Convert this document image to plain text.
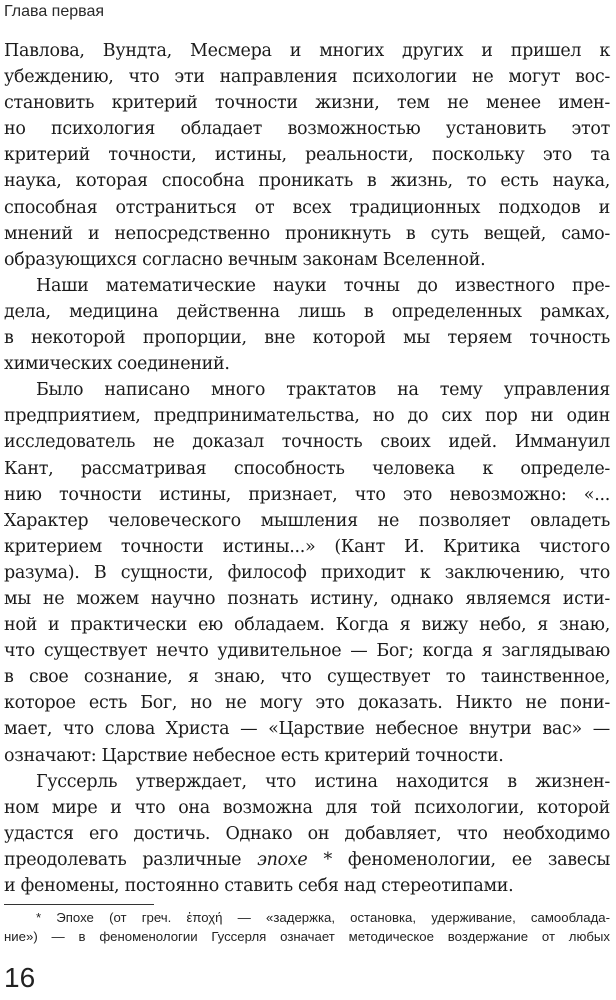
Глава первая
Павлова, Вундта, Месмера и многих других и пришел к
убеждению, что эти направления психологии не могут вос-
становить критерий точности жизни, тем не менее имен-
но психология обладает возможностью установить этот
критерий точности, истины, реальности, поскольку это та
наука, которая способна проникать в жизнь, то есть наука,
способная отстраниться от всех традиционных подходов и
мнений и непосредственно проникнуть в суть вещей, само-
образующихся согласно вечным законам Вселенной.
Наши математические науки точны до известного пре-
дела, медицина действенна лишь в определенных рамках,
в некоторой пропорции, вне которой мы теряем точность
химических соединений.
Было написано много трактатов на тему управления
предприятием, предпринимательства, но до сих пор ни один
исследователь не доказал точность своих идей. Иммануил
Кант, рассматривая способность человека к определе-
нию точности истины, признает, что это невозможно: «...
Характер человеческого мышления не позволяет овладеть
критерием точности истины...» (Кант И. Критика чистого
разума). В сущности, философ приходит к заключению, что
мы не можем научно познать истину, однако являемся исти-
ной и практически ею обладаем. Когда я вижу небо, я знаю,
что существует нечто удивительное — Бог; когда я заглядываю
в свое сознание, я знаю, что существует то таинственное,
которое есть Бог, но не могу это доказать. Никто не пони-
мает, что слова Христа — «Царствие небесное внутри вас» —
означают: Царствие небесное есть критерий точности.
Гуссерль утверждает, что истина находится в жизнен-
ном мире и что она возможна для той психологии, которой
удастся его достичь. Однако он добавляет, что необходимо
преодолевать различные эпохе * феноменологии, ее завесы
и феномены, постоянно ставить себя над стереотипами.
* Эпохе (от греч. ἐποχή — «задержка, остановка, удерживание, самооблада-
ние») — в феноменологии Гуссерля означает методическое воздержание от любых
16
